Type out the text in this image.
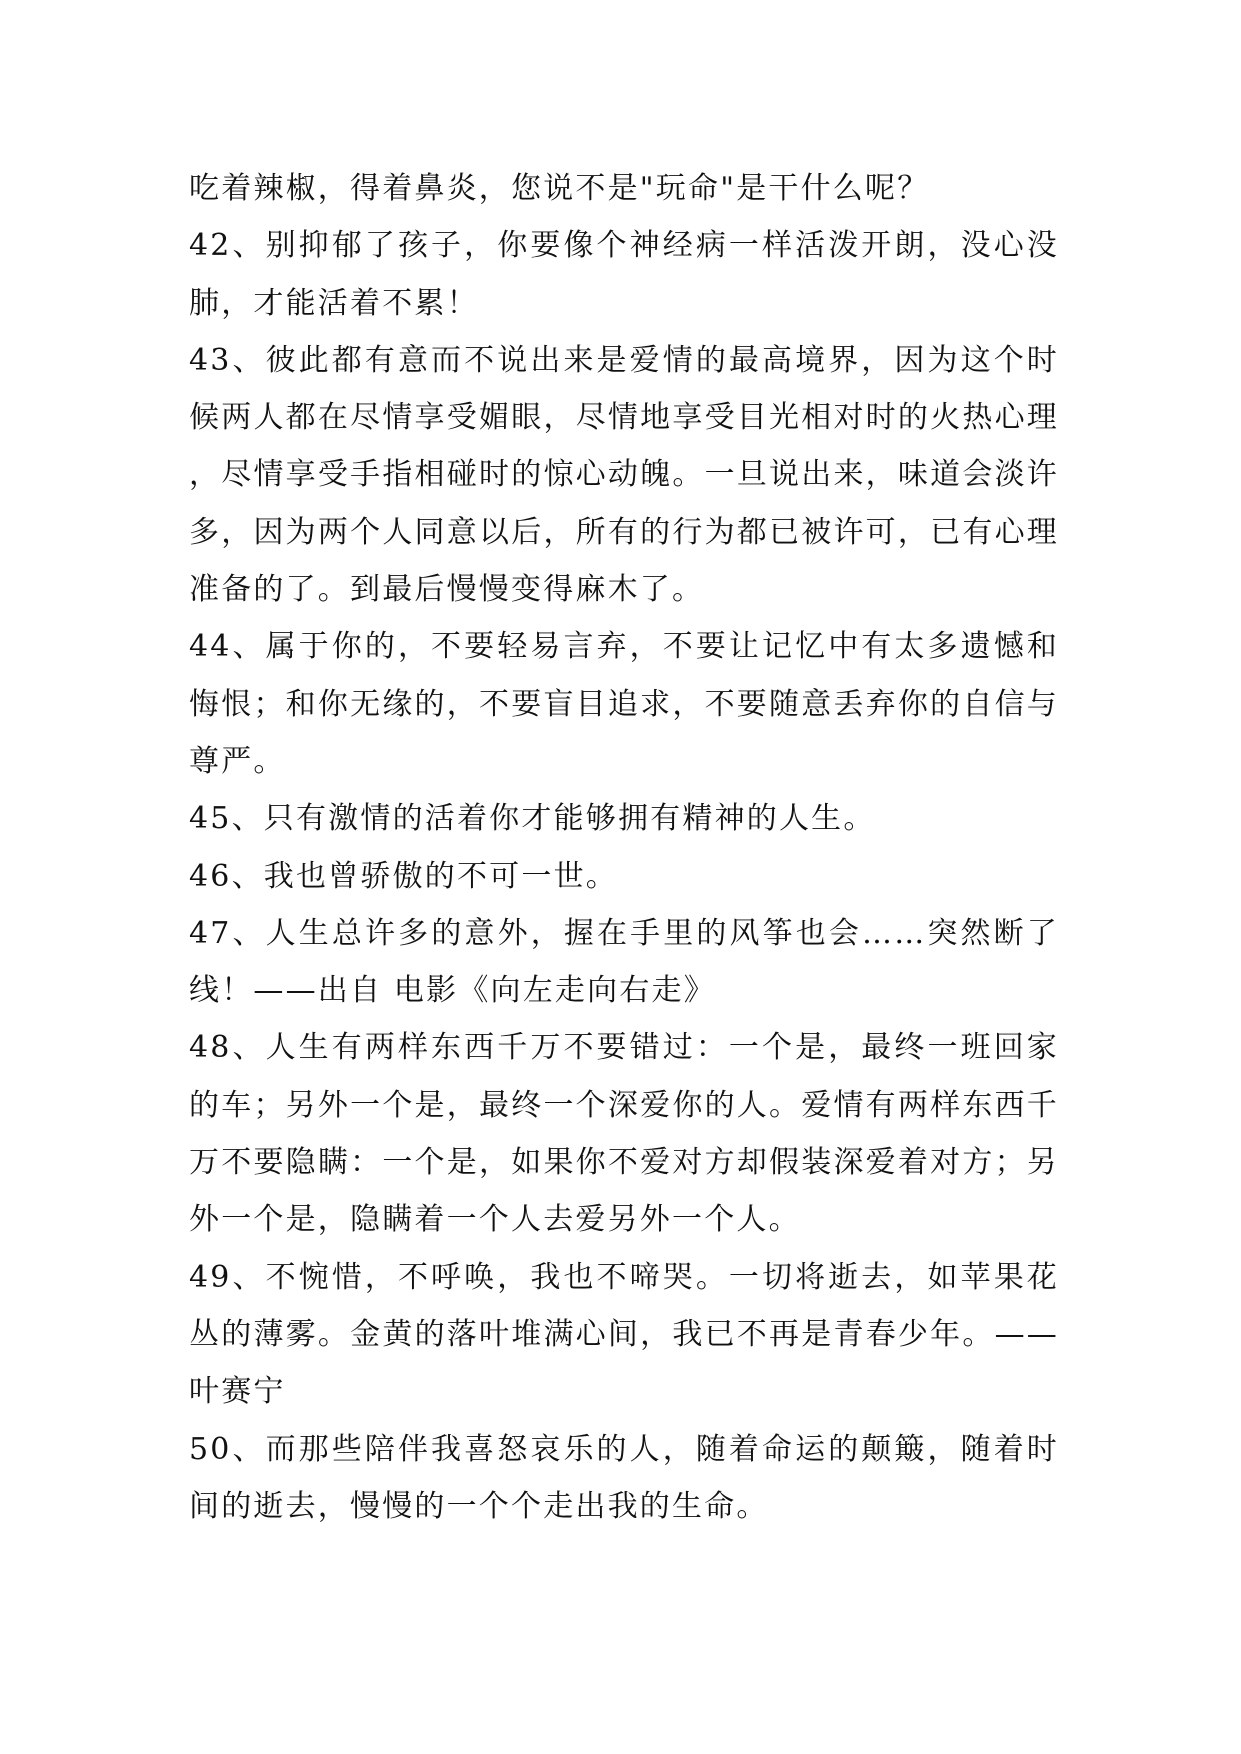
吃着辣椒，得着鼻炎，您说不是"玩命"是干什么呢？

42、别抑郁了孩子，你要像个神经病一样活泼开朗，没心没肺，才能活着不累！

43、彼此都有意而不说出来是爱情的最高境界，因为这个时候两人都在尽情享受媚眼，尽情地享受目光相对时的火热心理，尽情享受手指相碰时的惊心动魄。一旦说出来，味道会淡许多，因为两个人同意以后，所有的行为都已被许可，已有心理准备的了。到最后慢慢变得麻木了。

44、属于你的，不要轻易言弃，不要让记忆中有太多遗憾和悔恨；和你无缘的，不要盲目追求，不要随意丢弃你的自信与尊严。

45、只有激情的活着你才能够拥有精神的人生。

46、我也曾骄傲的不可一世。

47、人生总许多的意外，握在手里的风筝也会……突然断了线！——出自 电影《向左走向右走》

48、人生有两样东西千万不要错过：一个是，最终一班回家的车；另外一个是，最终一个深爱你的人。爱情有两样东西千万不要隐瞒：一个是，如果你不爱对方却假装深爱着对方；另外一个是，隐瞒着一个人去爱另外一个人。

49、不惋惜，不呼唤，我也不啼哭。一切将逝去，如苹果花丛的薄雾。金黄的落叶堆满心间，我已不再是青春少年。——叶赛宁

50、而那些陪伴我喜怒哀乐的人，随着命运的颠簸，随着时间的逝去，慢慢的一个个走出我的生命。
